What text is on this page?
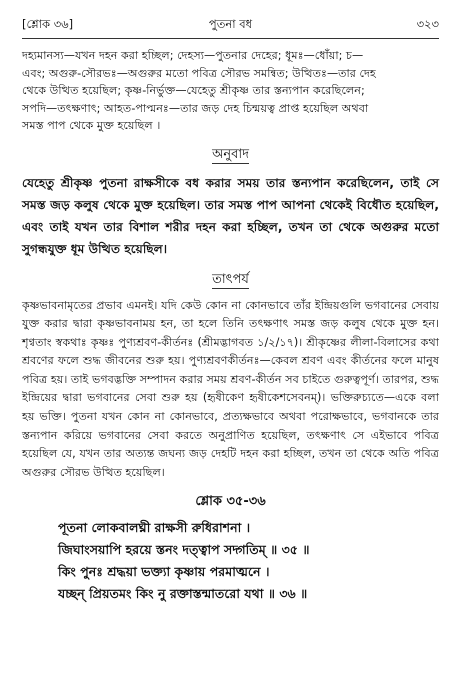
[শ্লোক ৩৬]	পুতনা বধ	৩২৩

দহ্যমানস্য—যখন দহন করা হচ্ছিল; দেহস্য—পুতনার দেহের; ধূমঃ—ধোঁয়া; চ—

এবং; অগুরু-সৌরভঃ—অগুরুর মতো পবিত্র সৌরভ সমন্বিত; উত্থিতঃ—তার দেহ

থেকে উত্থিত হয়েছিল; কৃষ্ণ-নির্ভুক্ত—যেহেতু শ্রীকৃষ্ণ তার স্তন্যপান করেছিলেন;

সপদি—তৎক্ষণাৎ; আহত-পাপ্মনঃ—তার জড় দেহ চিন্ময়ত্ব প্রাপ্ত হয়েছিল অথবা

সমস্ত পাপ থেকে মুক্ত হয়েছিল ।

অনুবাদ
যেহেতু শ্রীকৃষ্ণ পুতনা রাক্ষসীকে বধ করার সময় তার স্তন্যপান করেছিলেন, তাই সে সমস্ত জড় কলুষ থেকে মুক্ত হয়েছিল। তার সমস্ত পাপ আপনা থেকেই বিধৌত হয়েছিল, এবং তাই যখন তার বিশাল শরীর দহন করা হচ্ছিল, তখন তা থেকে অগুরুর মতো সুগন্ধযুক্ত ধূম উত্থিত হয়েছিল।
তাৎপর্য

কৃষ্ণভাবনামৃতের প্রভাব এমনই। যদি কেউ কোন না কোনভাবে তাঁর ইন্দ্রিয়গুলি ভগবানের সেবায় যুক্ত করার দ্বারা কৃষ্ণভাবনাময় হন, তা হলে তিনি তৎক্ষণাৎ সমস্ত জড় কলুষ থেকে মুক্ত হন। শৃণ্বতাং স্বকথাঃ কৃষ্ণঃ পুণ্যশ্রবণ-কীর্তনঃ (শ্রীমদ্ভাগবত ১/২/১৭)। শ্রীকৃষ্ণের লীলা-বিলাসের কথা শ্রবণের ফলে শুদ্ধ জীবনের শুরু হয়। পুণ্যশ্রবণকীর্তনঃ—কেবল শ্রবণ এবং কীর্তনের ফলে মানুষ পবিত্র হয়। তাই ভগবদ্ভক্তি সম্পাদন করার সময় শ্রবণ-কীর্তন সব চাইতে গুরুত্বপূর্ণ। তারপর, শুদ্ধ ইন্দ্রিয়ের দ্বারা ভগবানের সেবা শুরু হয় (হৃষীকেণ হৃষীকেশসেবনম্)। ভক্তিরুচ্যতে—একে বলা হয় ভক্তি। পুতনা যখন কোন না কোনভাবে, প্রত্যক্ষভাবে অথবা পরোক্ষভাবে, ভগবানকে তার স্তন্যপান করিয়ে ভগবানের সেবা করতে অনুপ্রাণিত হয়েছিল, তৎক্ষণাৎ সে এইভাবে পবিত্র হয়েছিল যে, যখন তার অত্যন্ত জঘন্য জড় দেহটি দহন করা হচ্ছিল, তখন তা থেকে অতি পবিত্র অগুরুর সৌরভ উত্থিত হয়েছিল।

শ্লোক ৩৫-৩৬
পূতনা লোকবালঘ্নী রাক্ষসী রুধিরাশনা ।
জিঘাংসয়াপি হরয়ে স্তনং দত্ত্বাপ সদ্গতিম্ ॥ ৩৫ ॥
কিং পুনঃ শ্রদ্ধয়া ভক্ত্যা কৃষ্ণায় পরমাত্মনে ।
যচ্ছন্ প্রিয়তমং কিং নু রক্তাস্তন্মাতরো যথা ॥ ৩৬ ॥
